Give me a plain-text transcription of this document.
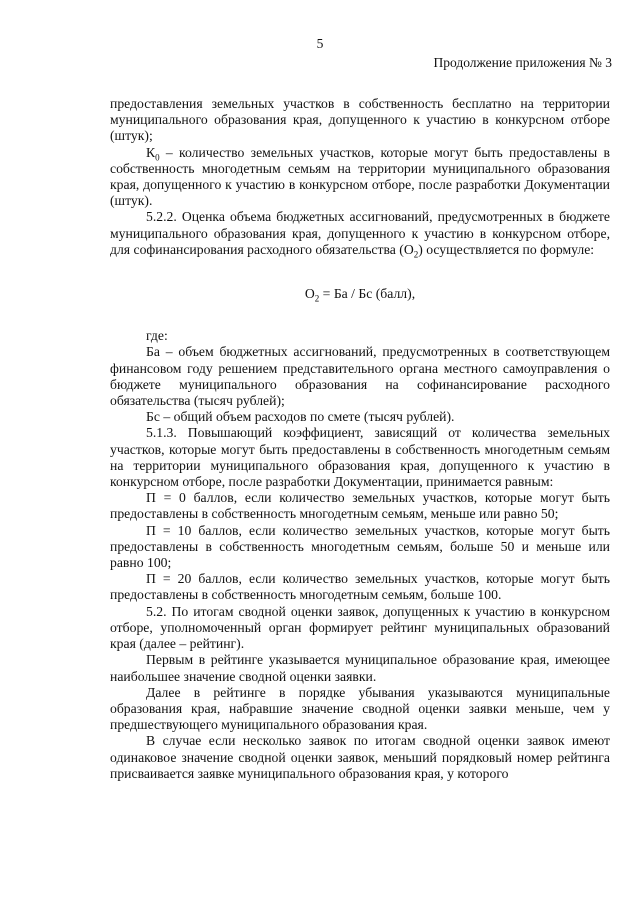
5
Продолжение приложения № 3

предоставления земельных участков в собственность бесплатно на территории муниципального образования края, допущенного к участию в конкурсном отборе (штук);

$К_0$ – количество земельных участков, которые могут быть предоставлены в собственность многодетным семьям на территории муниципального образования края, допущенного к участию в конкурсном отборе, после разработки Документации (штук).

5.2.2. Оценка объема бюджетных ассигнований, предусмотренных в бюджете муниципального образования края, допущенного к участию в конкурсном отборе, для софинансирования расходного обязательства $(О_2)$ осуществляется по формуле:

$О_2$ = Ба / Бс (балл),

где:

Ба – объем бюджетных ассигнований, предусмотренных в соответствующем финансовом году решением представительного органа местного самоуправления о бюджете муниципального образования на софинансирование расходного обязательства (тысяч рублей);

Бс – общий объем расходов по смете (тысяч рублей).

5.1.3. Повышающий коэффициент, зависящий от количества земельных участков, которые могут быть предоставлены в собственность многодетным семьям на территории муниципального образования края, допущенного к участию в конкурсном отборе, после разработки Документации, принимается равным:

П = 0 баллов, если количество земельных участков, которые могут быть предоставлены в собственность многодетным семьям, меньше или равно 50;

П = 10 баллов, если количество земельных участков, которые могут быть предоставлены в собственность многодетным семьям, больше 50 и меньше или равно 100;

П = 20 баллов, если количество земельных участков, которые могут быть предоставлены в собственность многодетным семьям, больше 100.

5.2. По итогам сводной оценки заявок, допущенных к участию в конкурсном отборе, уполномоченный орган формирует рейтинг муниципальных образований края (далее – рейтинг).

Первым в рейтинге указывается муниципальное образование края, имеющее наибольшее значение сводной оценки заявки.

Далее в рейтинге в порядке убывания указываются муниципальные образования края, набравшие значение сводной оценки заявки меньше, чем у предшествующего муниципального образования края.

В случае если несколько заявок по итогам сводной оценки заявок имеют одинаковое значение сводной оценки заявок, меньший порядковый номер рейтинга присваивается заявке муниципального образования края, у которого
